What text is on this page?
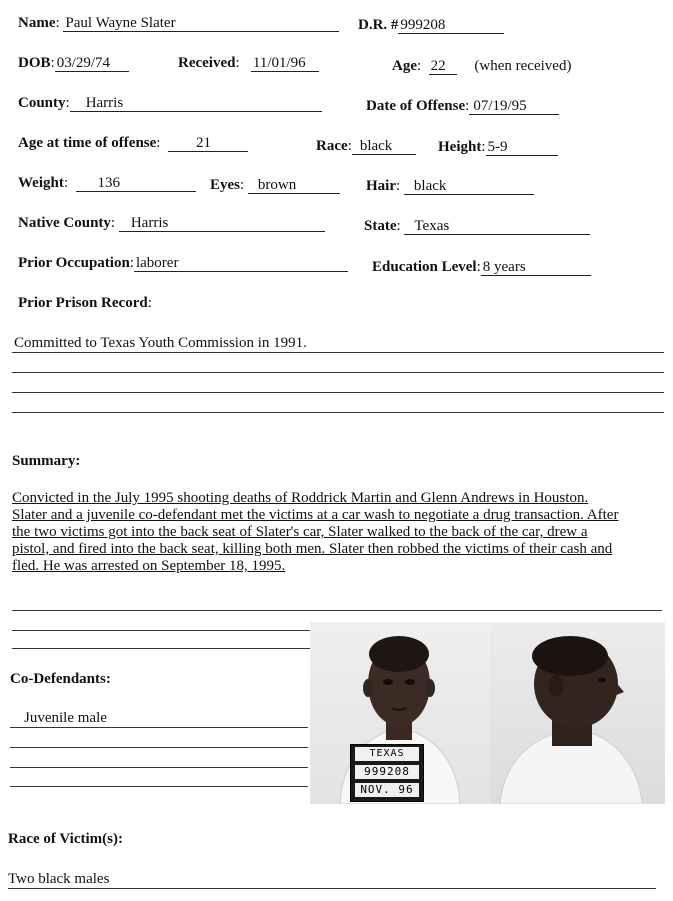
Name: Paul Wayne Slater	D.R. # 999208
DOB: 03/29/74	Received:   11/01/96	Age:  22 (when received)
County: Harris	Date of Offense: 07/19/95
Age at time of offense:  21	Race: black	Height: 5-9
Weight:  136	Eyes: brown	Hair: black
Native County: Harris	State: Texas
Prior Occupation: laborer	Education Level: 8 years
Prior Prison Record:
Committed to Texas Youth Commission in 1991.
Summary:
Convicted in the July 1995 shooting deaths of Roddrick Martin and Glenn Andrews in Houston.
Slater and a juvenile co-defendant met the victims at a car wash to negotiate a drug transaction. After
the two victims got into the back seat of Slater's car, Slater walked to the back of the car, drew a
pistol, and fired into the back seat, killing both men. Slater then robbed the victims of their cash and
fled. He was arrested on September 18, 1995.
TEXAS
999208
NOV. 96
Co-Defendants:
Juvenile male
Race of Victim(s):
Two black males
